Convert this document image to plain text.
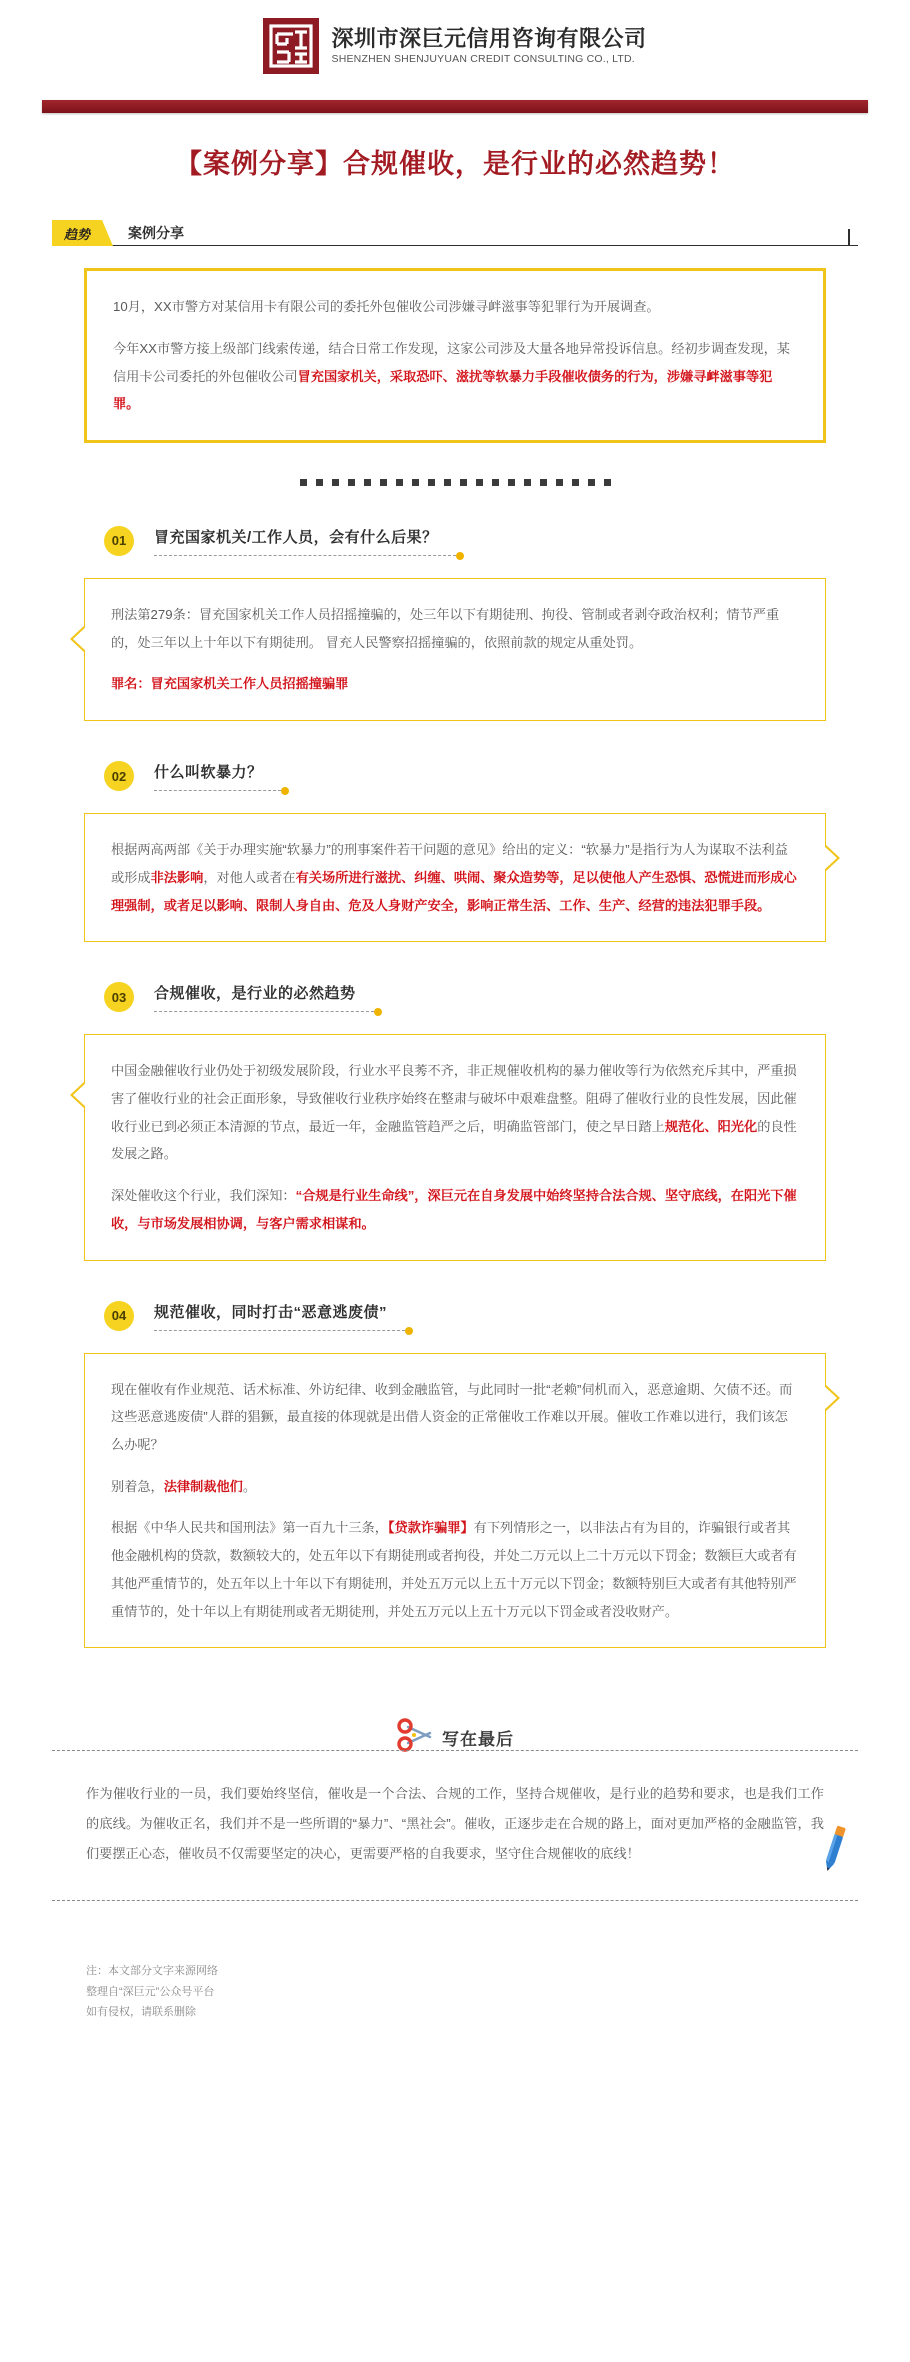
深圳市深巨元信用咨询有限公司
SHENZHEN SHENJUYUAN CREDIT CONSULTING CO., LTD.
【案例分享】合规催收，是行业的必然趋势！
趋势	案例分享

10月，XX市警方对某信用卡有限公司的委托外包催收公司涉嫌寻衅滋事等犯罪行为开展调查。

今年XX市警方接上级部门线索传递，结合日常工作发现，这家公司涉及大量各地异常投诉信息。经初步调查发现，某信用卡公司委托的外包催收公司冒充国家机关，采取恐吓、滋扰等软暴力手段催收债务的行为，涉嫌寻衅滋事等犯罪。

01	冒充国家机关/工作人员，会有什么后果？

刑法第279条：冒充国家机关工作人员招摇撞骗的，处三年以下有期徒刑、拘役、管制或者剥夺政治权利；情节严重的，处三年以上十年以下有期徒刑。 冒充人民警察招摇撞骗的，依照前款的规定从重处罚。

罪名：冒充国家机关工作人员招摇撞骗罪

02	什么叫软暴力？

根据两高两部《关于办理实施“软暴力”的刑事案件若干问题的意见》给出的定义：“软暴力”是指行为人为谋取不法利益或形成非法影响，对他人或者在有关场所进行滋扰、纠缠、哄闹、聚众造势等，足以使他人产生恐惧、恐慌进而形成心理强制，或者足以影响、限制人身自由、危及人身财产安全，影响正常生活、工作、生产、经营的违法犯罪手段。

03	合规催收，是行业的必然趋势

中国金融催收行业仍处于初级发展阶段，行业水平良莠不齐，非正规催收机构的暴力催收等行为依然充斥其中，严重损害了催收行业的社会正面形象，导致催收行业秩序始终在整肃与破坏中艰难盘整。阻碍了催收行业的良性发展，因此催收行业已到必须正本清源的节点，最近一年，金融监管趋严之后，明确监管部门，使之早日踏上规范化、阳光化的良性发展之路。

深处催收这个行业，我们深知：“合规是行业生命线”，深巨元在自身发展中始终坚持合法合规、坚守底线，在阳光下催收，与市场发展相协调，与客户需求相谋和。

04	规范催收，同时打击“恶意逃废债”

现在催收有作业规范、话术标准、外访纪律、收到金融监管，与此同时一批“老赖”伺机而入，恶意逾期、欠债不还。而这些恶意逃废债”人群的猖獗，最直接的体现就是出借人资金的正常催收工作难以开展。催收工作难以进行，我们该怎么办呢？

别着急，法律制裁他们。

根据《中华人民共和国刑法》第一百九十三条，【贷款诈骗罪】有下列情形之一，以非法占有为目的，诈骗银行或者其他金融机构的贷款，数额较大的，处五年以下有期徒刑或者拘役，并处二万元以上二十万元以下罚金；数额巨大或者有其他严重情节的，处五年以上十年以下有期徒刑，并处五万元以上五十万元以下罚金；数额特别巨大或者有其他特别严重情节的，处十年以上有期徒刑或者无期徒刑，并处五万元以上五十万元以下罚金或者没收财产。

写在最后

作为催收行业的一员，我们要始终坚信，催收是一个合法、合规的工作，坚持合规催收，是行业的趋势和要求，也是我们工作的底线。为催收正名，我们并不是一些所谓的“暴力”、“黑社会”。催收，正逐步走在合规的路上，面对更加严格的金融监管，我们要摆正心态，催收员不仅需要坚定的决心，更需要严格的自我要求，坚守住合规催收的底线！

注：本文部分文字来源网络
整理自“深巨元”公众号平台
如有侵权，请联系删除
